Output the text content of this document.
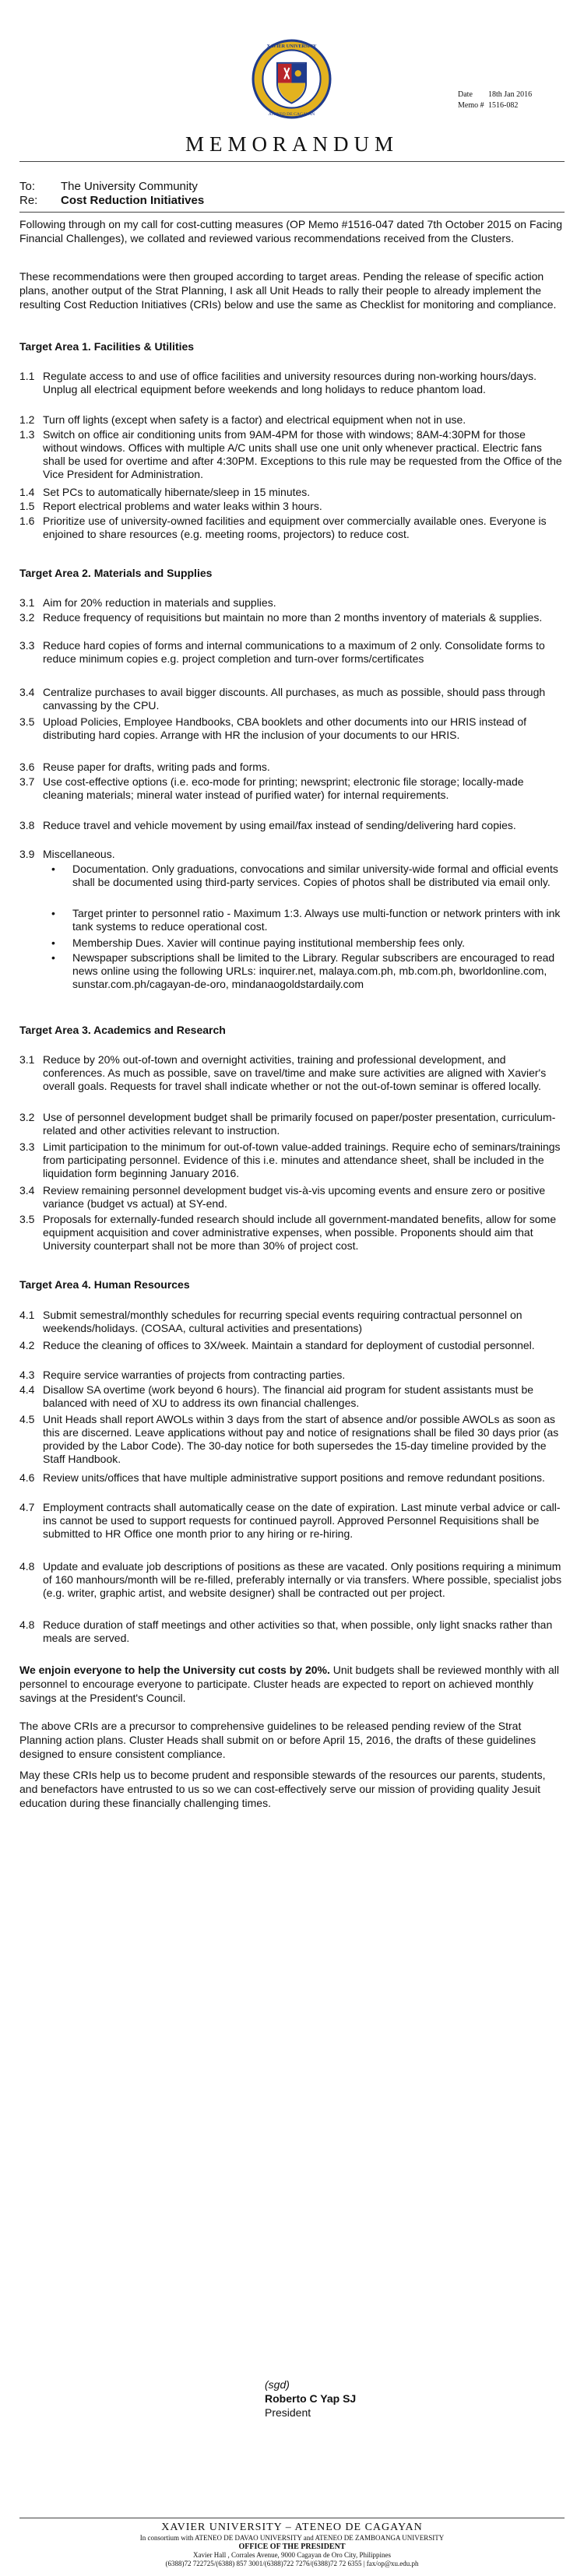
XAVIER UNIVERSITY
ATENEO DE CAGAYAN
Date 18th Jan 2016
Memo # 1516-082
MEMORANDUM
To: The University Community
Re: Cost Reduction Initiatives
Following through on my call for cost-cutting measures (OP Memo #1516-047 dated 7th October 2015 on Facing Financial Challenges), we collated and reviewed various recommendations received from the Clusters.
These recommendations were then grouped according to target areas. Pending the release of specific action plans, another output of the Strat Planning, I ask all Unit Heads to rally their people to already implement the resulting Cost Reduction Initiatives (CRIs) below and use the same as Checklist for monitoring and compliance.
Target Area 1. Facilities & Utilities
1.1 Regulate access to and use of office facilities and university resources during non-working hours/days. Unplug all electrical equipment before weekends and long holidays to reduce phantom load.
1.2 Turn off lights (except when safety is a factor) and electrical equipment when not in use.
1.3 Switch on office air conditioning units from 9AM-4PM for those with windows; 8AM-4:30PM for those without windows. Offices with multiple A/C units shall use one unit only whenever practical. Electric fans shall be used for overtime and after 4:30PM. Exceptions to this rule may be requested from the Office of the Vice President for Administration.
1.4 Set PCs to automatically hibernate/sleep in 15 minutes.
1.5 Report electrical problems and water leaks within 3 hours.
1.6 Prioritize use of university-owned facilities and equipment over commercially available ones. Everyone is enjoined to share resources (e.g. meeting rooms, projectors) to reduce cost.
Target Area 2. Materials and Supplies
3.1 Aim for 20% reduction in materials and supplies.
3.2 Reduce frequency of requisitions but maintain no more than 2 months inventory of materials & supplies.
3.3 Reduce hard copies of forms and internal communications to a maximum of 2 only. Consolidate forms to reduce minimum copies e.g. project completion and turn-over forms/certificates
3.4 Centralize purchases to avail bigger discounts. All purchases, as much as possible, should pass through canvassing by the CPU.
3.5 Upload Policies, Employee Handbooks, CBA booklets and other documents into our HRIS instead of distributing hard copies. Arrange with HR the inclusion of your documents to our HRIS.
3.6 Reuse paper for drafts, writing pads and forms.
3.7 Use cost-effective options (i.e. eco-mode for printing; newsprint; electronic file storage; locally-made cleaning materials; mineral water instead of purified water) for internal requirements.
3.8 Reduce travel and vehicle movement by using email/fax instead of sending/delivering hard copies.
3.9 Miscellaneous.
• Documentation. Only graduations, convocations and similar university-wide formal and official events shall be documented using third-party services. Copies of photos shall be distributed via email only.
• Target printer to personnel ratio - Maximum 1:3. Always use multi-function or network printers with ink tank systems to reduce operational cost.
• Membership Dues. Xavier will continue paying institutional membership fees only.
• Newspaper subscriptions shall be limited to the Library. Regular subscribers are encouraged to read news online using the following URLs: inquirer.net, malaya.com.ph, mb.com.ph, bworldonline.com, sunstar.com.ph/cagayan-de-oro, mindanaogoldstardaily.com
Target Area 3. Academics and Research
3.1 Reduce by 20% out-of-town and overnight activities, training and professional development, and conferences. As much as possible, save on travel/time and make sure activities are aligned with Xavier's overall goals. Requests for travel shall indicate whether or not the out-of-town seminar is offered locally.
3.2 Use of personnel development budget shall be primarily focused on paper/poster presentation, curriculum-related and other activities relevant to instruction.
3.3 Limit participation to the minimum for out-of-town value-added trainings. Require echo of seminars/trainings from participating personnel. Evidence of this i.e. minutes and attendance sheet, shall be included in the liquidation form beginning January 2016.
3.4 Review remaining personnel development budget vis-à-vis upcoming events and ensure zero or positive variance (budget vs actual) at SY-end.
3.5 Proposals for externally-funded research should include all government-mandated benefits, allow for some equipment acquisition and cover administrative expenses, when possible. Proponents should aim that University counterpart shall not be more than 30% of project cost.
Target Area 4. Human Resources
4.1 Submit semestral/monthly schedules for recurring special events requiring contractual personnel on weekends/holidays. (COSAA, cultural activities and presentations)
4.2 Reduce the cleaning of offices to 3X/week. Maintain a standard for deployment of custodial personnel.
4.3 Require service warranties of projects from contracting parties.
4.4 Disallow SA overtime (work beyond 6 hours). The financial aid program for student assistants must be balanced with need of XU to address its own financial challenges.
4.5 Unit Heads shall report AWOLs within 3 days from the start of absence and/or possible AWOLs as soon as this are discerned. Leave applications without pay and notice of resignations shall be filed 30 days prior (as provided by the Labor Code). The 30-day notice for both supersedes the 15-day timeline provided by the Staff Handbook.
4.6 Review units/offices that have multiple administrative support positions and remove redundant positions.
4.7 Employment contracts shall automatically cease on the date of expiration. Last minute verbal advice or call-ins cannot be used to support requests for continued payroll. Approved Personnel Requisitions shall be submitted to HR Office one month prior to any hiring or re-hiring.
4.8 Update and evaluate job descriptions of positions as these are vacated. Only positions requiring a minimum of 160 manhours/month will be re-filled, preferably internally or via transfers. Where possible, specialist jobs (e.g. writer, graphic artist, and website designer) shall be contracted out per project.
4.8 Reduce duration of staff meetings and other activities so that, when possible, only light snacks rather than meals are served.
We enjoin everyone to help the University cut costs by 20%. Unit budgets shall be reviewed monthly with all personnel to encourage everyone to participate. Cluster heads are expected to report on achieved monthly savings at the President's Council.
The above CRIs are a precursor to comprehensive guidelines to be released pending review of the Strat Planning action plans. Cluster Heads shall submit on or before April 15, 2016, the drafts of these guidelines designed to ensure consistent compliance.
May these CRIs help us to become prudent and responsible stewards of the resources our parents, students, and benefactors have entrusted to us so we can cost-effectively serve our mission of providing quality Jesuit education during these financially challenging times.
(sgd)
Roberto C Yap SJ
President
XAVIER UNIVERSITY – ATENEO DE CAGAYAN
In consortium with ATENEO DE DAVAO UNIVERSITY and ATENEO DE ZAMBOANGA UNIVERSITY
OFFICE OF THE PRESIDENT
Xavier Hall , Corrales Avenue, 9000 Cagayan de Oro City, Philippines
(6388)72 722725/(6388) 857 3001/(6388)722 7276/(6388)72 72 6355 | fax/op@xu.edu.ph
